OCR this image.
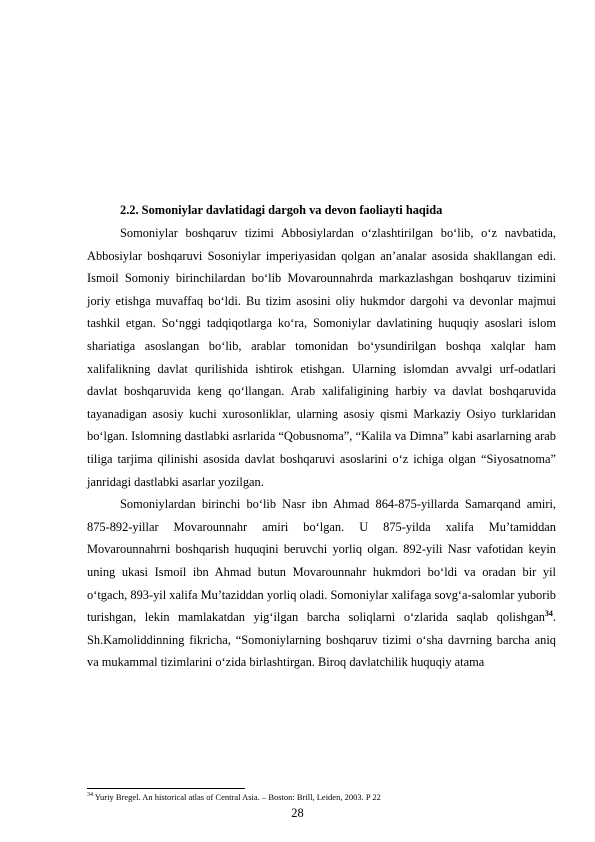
2.2. Somoniylar davlatidagi dargoh va devon faoliayti haqida

Somoniylar boshqaruv tizimi Abbosiylardan o‘zlashtirilgan bo‘lib, o‘z navbatida, Abbosiylar boshqaruvi Sosoniylar imperiyasidan qolgan an’analar asosida shakllangan edi. Ismoil Somoniy birinchilardan bo‘lib Movarounnahrda markazlashgan boshqaruv tizimini joriy etishga muvaffaq bo‘ldi. Bu tizim asosini oliy hukmdor dargohi va devonlar majmui tashkil etgan. So‘nggi tadqiqotlarga ko‘ra, Somoniylar davlatining huquqiy asoslari islom shariatiga asoslangan bo‘lib, arablar tomonidan bo‘ysundirilgan boshqa xalqlar ham xalifalikning davlat qurilishida ishtirok etishgan. Ularning islomdan avvalgi urf-odatlari davlat boshqaruvida keng qo‘llangan. Arab xalifaligining harbiy va davlat boshqaruvida tayanadigan asosiy kuchi xurosonliklar, ularning asosiy qismi Markaziy Osiyo turklaridan bo‘lgan. Islomning dastlabki asrlarida “Qobusnoma”, “Kalila va Dimna” kabi asarlarning arab tiliga tarjima qilinishi asosida davlat boshqaruvi asoslarini o‘z ichiga olgan “Siyosatnoma” janridagi dastlabki asarlar yozilgan.

Somoniylardan birinchi bo‘lib Nasr ibn Ahmad 864-875-yillarda Samarqand amiri, 875-892-yillar Movarounnahr amiri bo‘lgan. U 875-yilda xalifa Mu’tamiddan Movarounnahrni boshqarish huquqini beruvchi yorliq olgan. 892-yili Nasr vafotidan keyin uning ukasi Ismoil ibn Ahmad butun Movarounnahr hukmdori bo‘ldi va oradan bir yil o‘tgach, 893-yil xalifa Mu’taziddan yorliq oladi. Somoniylar xalifaga sovg‘a-salomlar yuborib turishgan, lekin mamlakatdan yig‘ilgan barcha soliqlarni o‘zlarida saqlab qolishgan$^{34}$. Sh.Kamoliddinning fikricha, “Somoniylarning boshqaruv tizimi o‘sha davrning barcha aniq va mukammal tizimlarini o‘zida birlashtirgan. Biroq davlatchilik huquqiy atama

$^{34}$ Yuriy Bregel. An historical atlas of Central Asia. – Boston: Brill, Leiden, 2003. P 22
28
